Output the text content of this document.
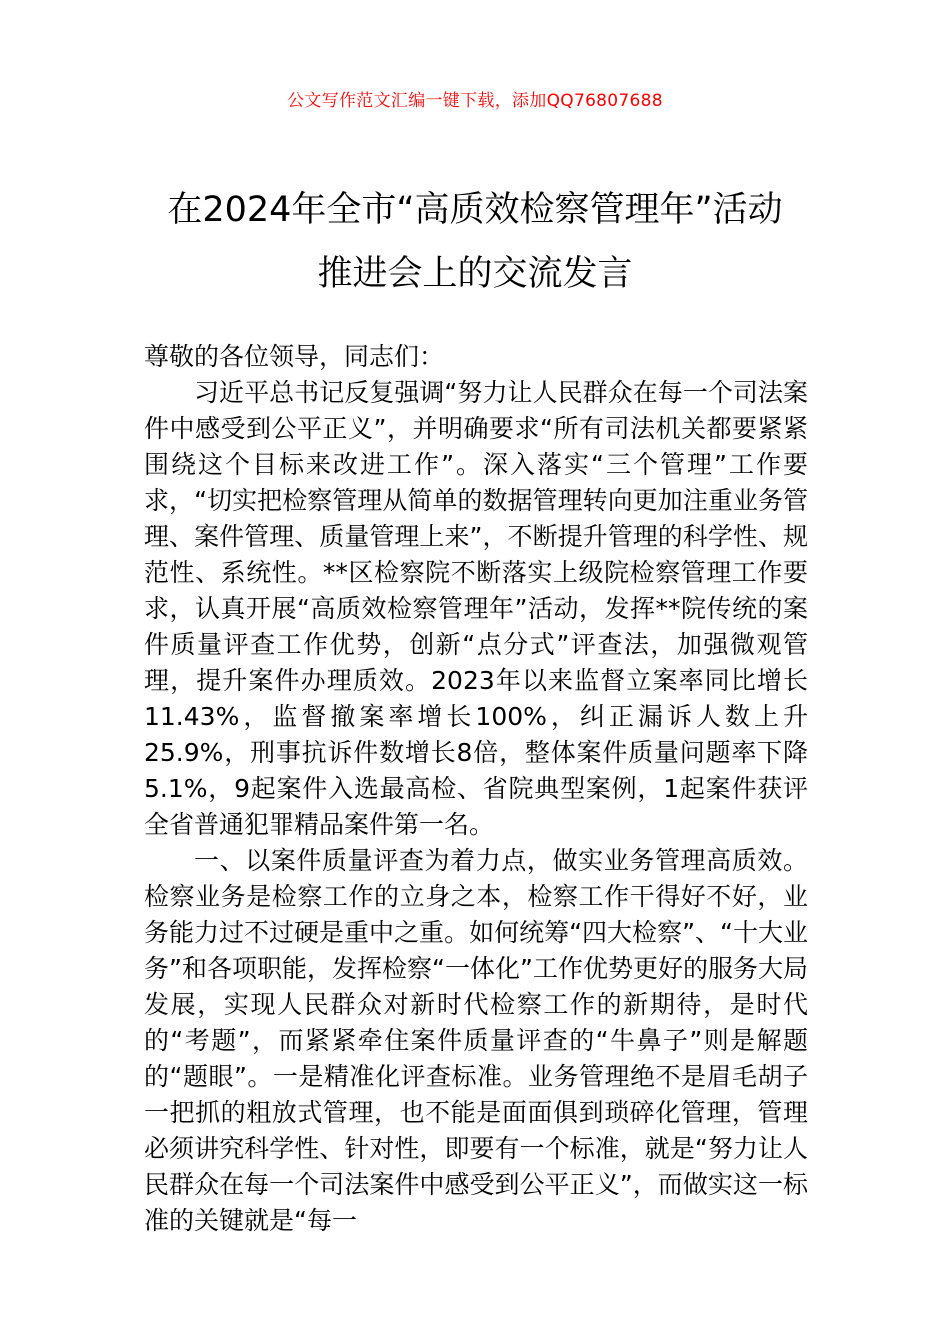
公文写作范文汇编一键下载，添加QQ76807688
在2024年全市“高质效检察管理年”活动
推进会上的交流发言

尊敬的各位领导，同志们：

习近平总书记反复强调“努力让人民群众在每一个司法案件中感受到公平正义”，并明确要求“所有司法机关都要紧紧围绕这个目标来改进工作”。深入落实“三个管理”工作要求，“切实把检察管理从简单的数据管理转向更加注重业务管理、案件管理、质量管理上来”，不断提升管理的科学性、规范性、系统性。**区检察院不断落实上级院检察管理工作要求，认真开展“高质效检察管理年”活动，发挥**院传统的案件质量评查工作优势，创新“点分式”评查法，加强微观管理，提升案件办理质效。2023年以来监督立案率同比增长11.43%，监督撤案率增长100%，纠正漏诉人数上升25.9%，刑事抗诉件数增长8倍，整体案件质量问题率下降5.1%，9起案件入选最高检、省院典型案例，1起案件获评全省普通犯罪精品案件第一名。

一、以案件质量评查为着力点，做实业务管理高质效。检察业务是检察工作的立身之本，检察工作干得好不好，业务能力过不过硬是重中之重。如何统筹“四大检察”、“十大业务”和各项职能，发挥检察“一体化”工作优势更好的服务大局发展，实现人民群众对新时代检察工作的新期待，是时代的“考题”，而紧紧牵住案件质量评查的“牛鼻子”则是解题的“题眼”。一是精准化评查标准。业务管理绝不是眉毛胡子一把抓的粗放式管理，也不能是面面俱到琐碎化管理，管理必须讲究科学性、针对性，即要有一个标准，就是“努力让人民群众在每一个司法案件中感受到公平正义”，而做实这一标准的关键就是“每一
